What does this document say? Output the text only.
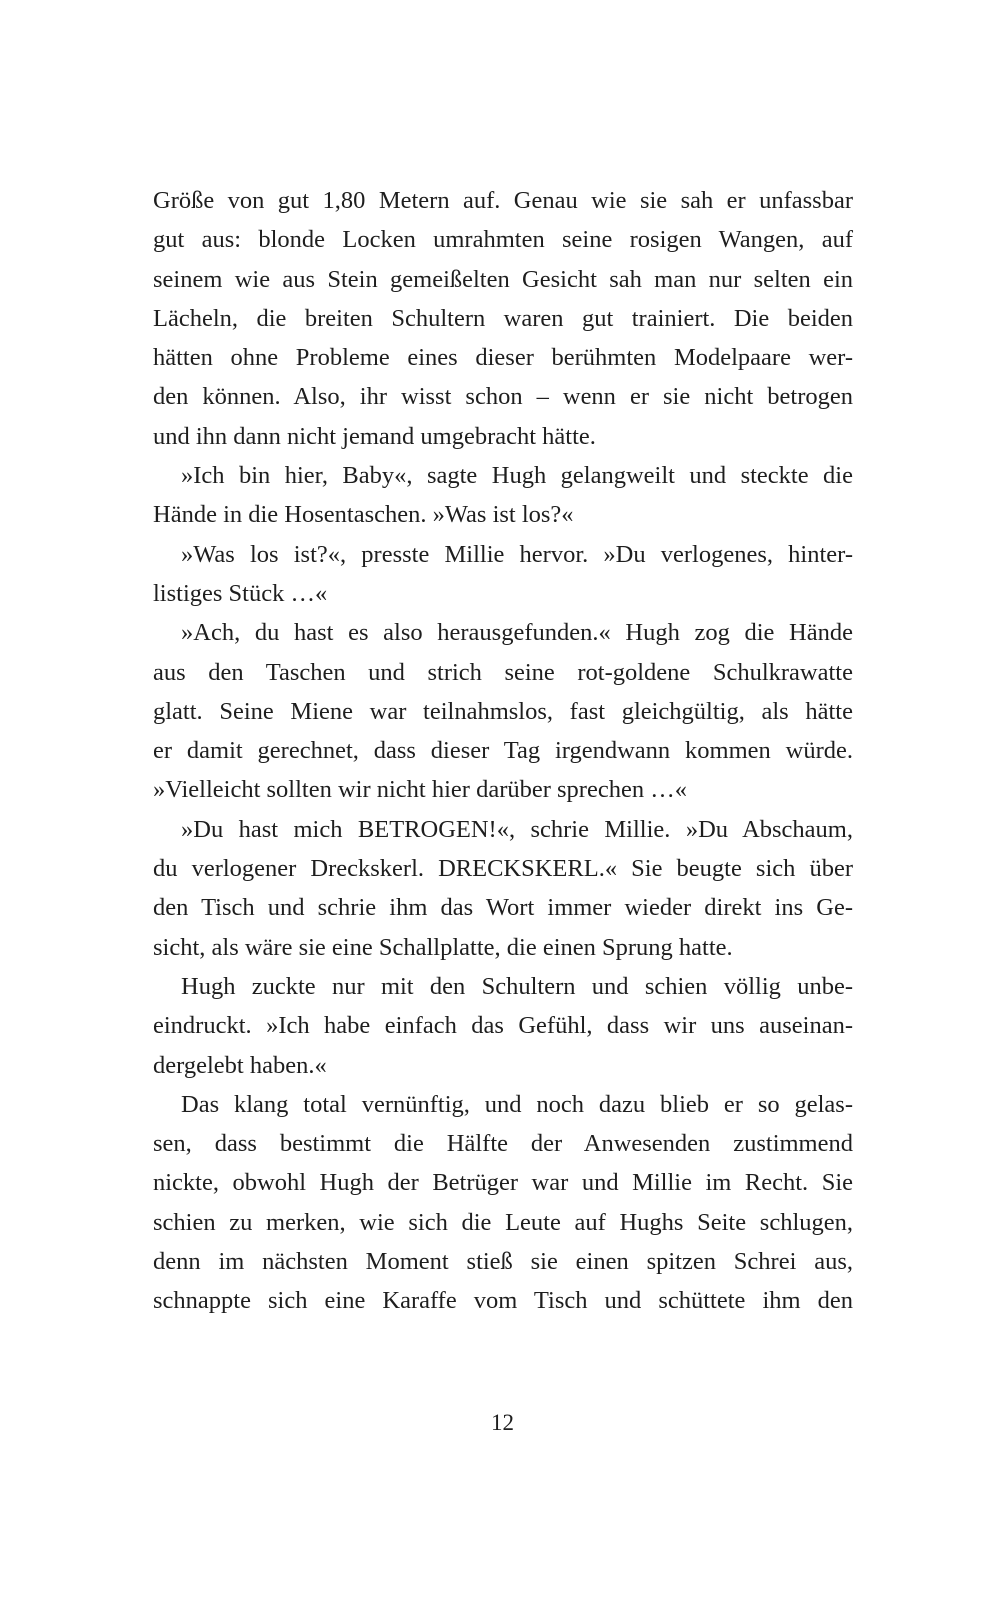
Größe von gut 1,80 Metern auf. Genau wie sie sah er unfassbar
gut aus: blonde Locken umrahmten seine rosigen Wangen, auf
seinem wie aus Stein gemeißelten Gesicht sah man nur selten ein
Lächeln, die breiten Schultern waren gut trainiert. Die beiden
hätten ohne Probleme eines dieser berühmten Modelpaare wer-
den können. Also, ihr wisst schon – wenn er sie nicht betrogen
und ihn dann nicht jemand umgebracht hätte.
»Ich bin hier, Baby«, sagte Hugh gelangweilt und steckte die
Hände in die Hosentaschen. »Was ist los?«
»Was los ist?«, presste Millie hervor. »Du verlogenes, hinter-
listiges Stück …«
»Ach, du hast es also herausgefunden.« Hugh zog die Hände
aus den Taschen und strich seine rot-goldene Schulkrawatte
glatt. Seine Miene war teilnahmslos, fast gleichgültig, als hätte
er damit gerechnet, dass dieser Tag irgendwann kommen würde.
»Vielleicht sollten wir nicht hier darüber sprechen …«
»Du hast mich BETROGEN!«, schrie Millie. »Du Abschaum,
du verlogener Dreckskerl. DRECKSKERL.« Sie beugte sich über
den Tisch und schrie ihm das Wort immer wieder direkt ins Ge-
sicht, als wäre sie eine Schallplatte, die einen Sprung hatte.
Hugh zuckte nur mit den Schultern und schien völlig unbe-
eindruckt. »Ich habe einfach das Gefühl, dass wir uns auseinan-
dergelebt haben.«
Das klang total vernünftig, und noch dazu blieb er so gelas-
sen, dass bestimmt die Hälfte der Anwesenden zustimmend
nickte, obwohl Hugh der Betrüger war und Millie im Recht. Sie
schien zu merken, wie sich die Leute auf Hughs Seite schlugen,
denn im nächsten Moment stieß sie einen spitzen Schrei aus,
schnappte sich eine Karaffe vom Tisch und schüttete ihm den
12
